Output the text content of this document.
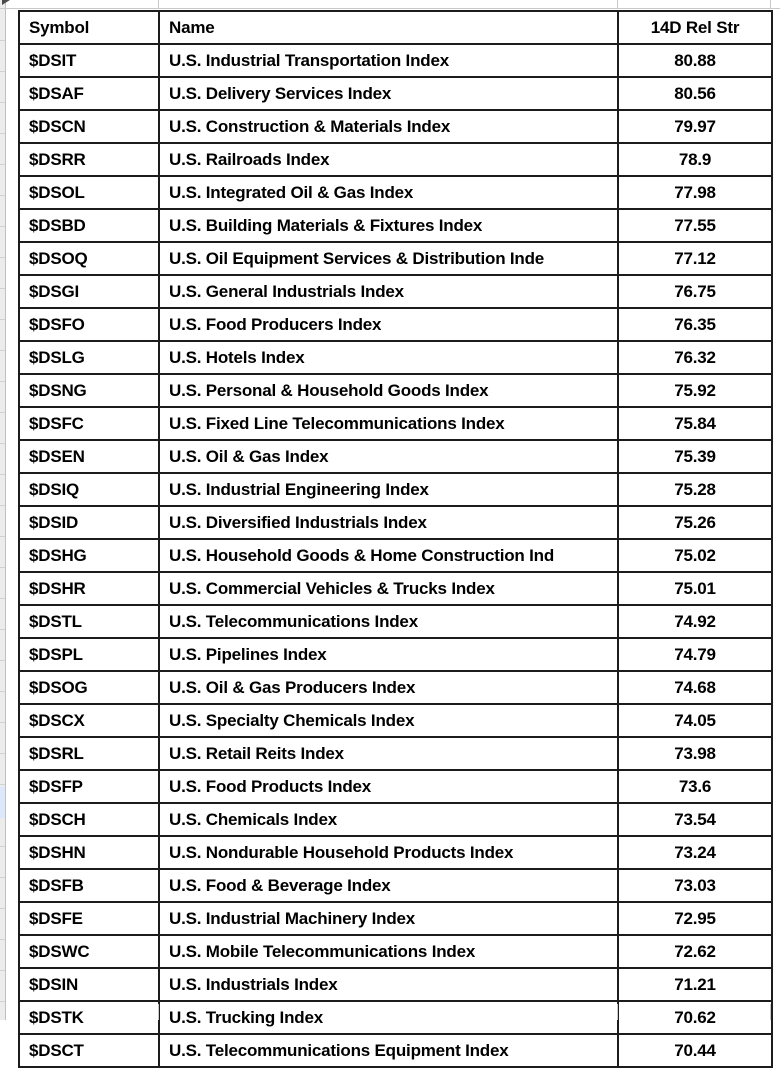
Symbol	Name	14D Rel Str
$DSIT	U.S. Industrial Transportation Index	80.88
$DSAF	U.S. Delivery Services Index	80.56
$DSCN	U.S. Construction & Materials Index	79.97
$DSRR	U.S. Railroads Index	78.9
$DSOL	U.S. Integrated Oil & Gas Index	77.98
$DSBD	U.S. Building Materials & Fixtures Index	77.55
$DSOQ	U.S. Oil Equipment Services & Distribution Inde	77.12
$DSGI	U.S. General Industrials Index	76.75
$DSFO	U.S. Food Producers Index	76.35
$DSLG	U.S. Hotels Index	76.32
$DSNG	U.S. Personal & Household Goods Index	75.92
$DSFC	U.S. Fixed Line Telecommunications Index	75.84
$DSEN	U.S. Oil & Gas Index	75.39
$DSIQ	U.S. Industrial Engineering Index	75.28
$DSID	U.S. Diversified Industrials Index	75.26
$DSHG	U.S. Household Goods & Home Construction Ind	75.02
$DSHR	U.S. Commercial Vehicles & Trucks Index	75.01
$DSTL	U.S. Telecommunications Index	74.92
$DSPL	U.S. Pipelines Index	74.79
$DSOG	U.S. Oil & Gas Producers Index	74.68
$DSCX	U.S. Specialty Chemicals Index	74.05
$DSRL	U.S. Retail Reits Index	73.98
$DSFP	U.S. Food Products Index	73.6
$DSCH	U.S. Chemicals Index	73.54
$DSHN	U.S. Nondurable Household Products Index	73.24
$DSFB	U.S. Food & Beverage Index	73.03
$DSFE	U.S. Industrial Machinery Index	72.95
$DSWC	U.S. Mobile Telecommunications Index	72.62
$DSIN	U.S. Industrials Index	71.21
$DSTK	U.S. Trucking Index	70.62
$DSCT	U.S. Telecommunications Equipment Index	70.44
